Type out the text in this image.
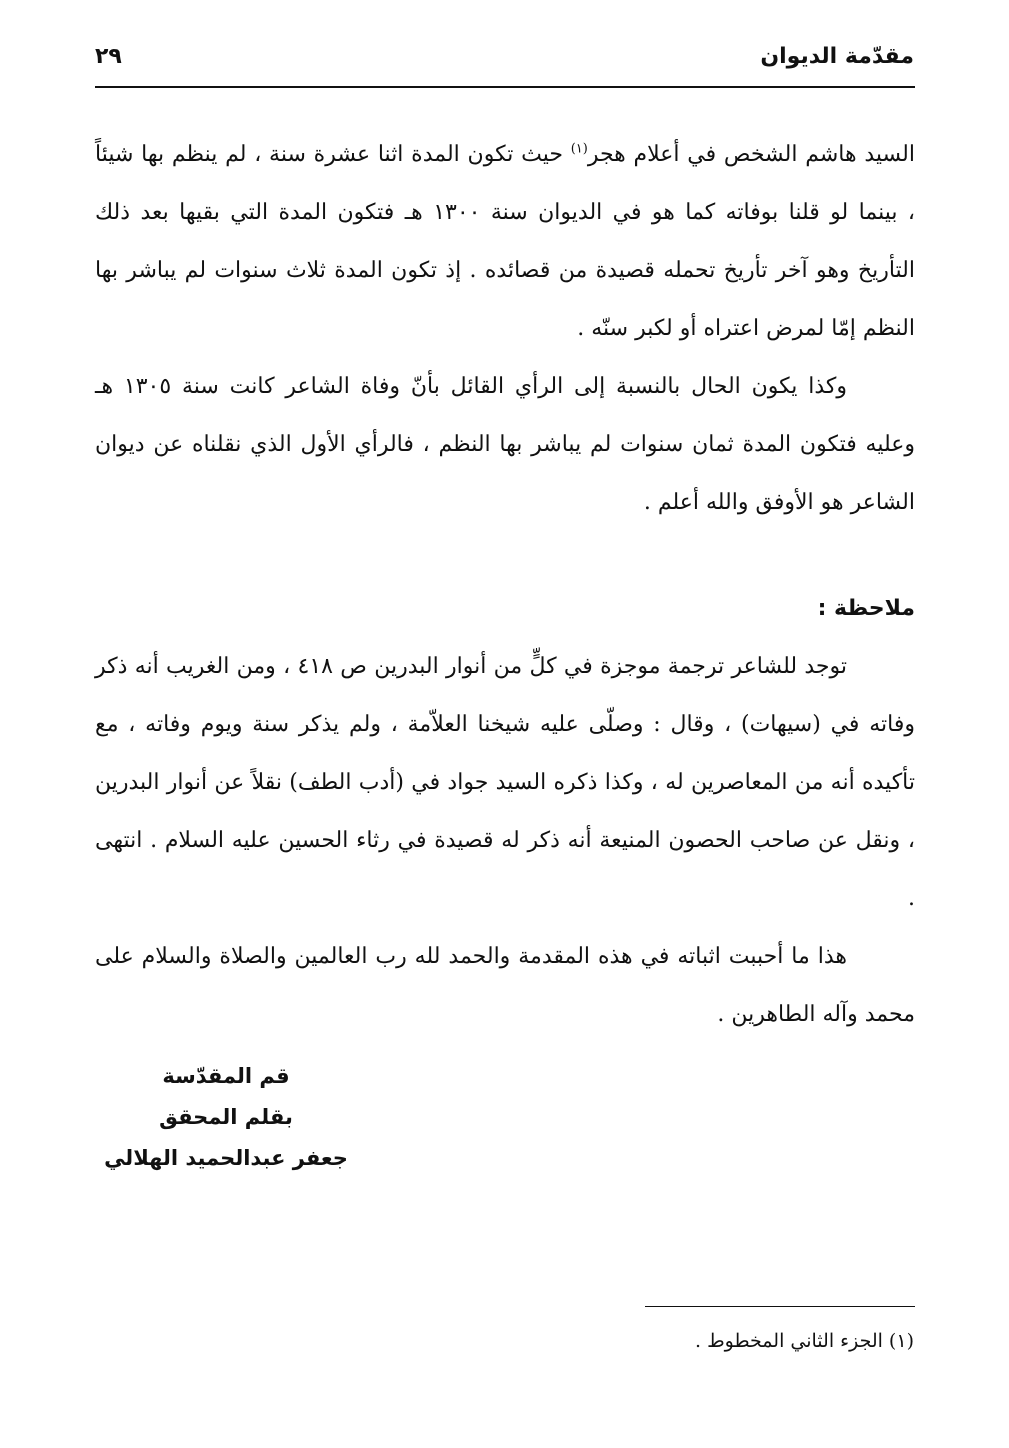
مقدّمة الديوان
٢٩

السيد هاشم الشخص في أعلام هجر$^{(١)}$ حيث تكون المدة اثنا عشرة سنة ، لم ينظم بها شيئاً ، بينما لو قلنا بوفاته كما هو في الديوان سنة ١٣٠٠ هـ فتكون المدة التي بقيها بعد ذلك التأريخ وهو آخر تأريخ تحمله قصيدة من قصائده . إذ تكون المدة ثلاث سنوات لم يباشر بها النظم إمّا لمرض اعتراه أو لكبر سنّه .

وكذا يكون الحال بالنسبة إلى الرأي القائل بأنّ وفاة الشاعر كانت سنة ١٣٠٥ هـ وعليه فتكون المدة ثمان سنوات لم يباشر بها النظم ، فالرأي الأول الذي نقلناه عن ديوان الشاعر هو الأوفق والله أعلم .

ملاحظة :

توجد للشاعر ترجمة موجزة في كلٍّ من أنوار البدرين ص ٤١٨ ، ومن الغريب أنه ذكر وفاته في (سيهات) ، وقال : وصلّى عليه شيخنا العلاّمة ، ولم يذكر سنة ويوم وفاته ، مع تأكيده أنه من المعاصرين له ، وكذا ذكره السيد جواد في (أدب الطف) نقلاً عن أنوار البدرين ، ونقل عن صاحب الحصون المنيعة أنه ذكر له قصيدة في رثاء الحسين عليه السلام . انتهى .

هذا ما أحببت اثباته في هذه المقدمة والحمد لله رب العالمين والصلاة والسلام على محمد وآله الطاهرين .

قم المقدّسة
بقلم المحقق
جعفر عبدالحميد الهلالي
(١) الجزء الثاني المخطوط .
